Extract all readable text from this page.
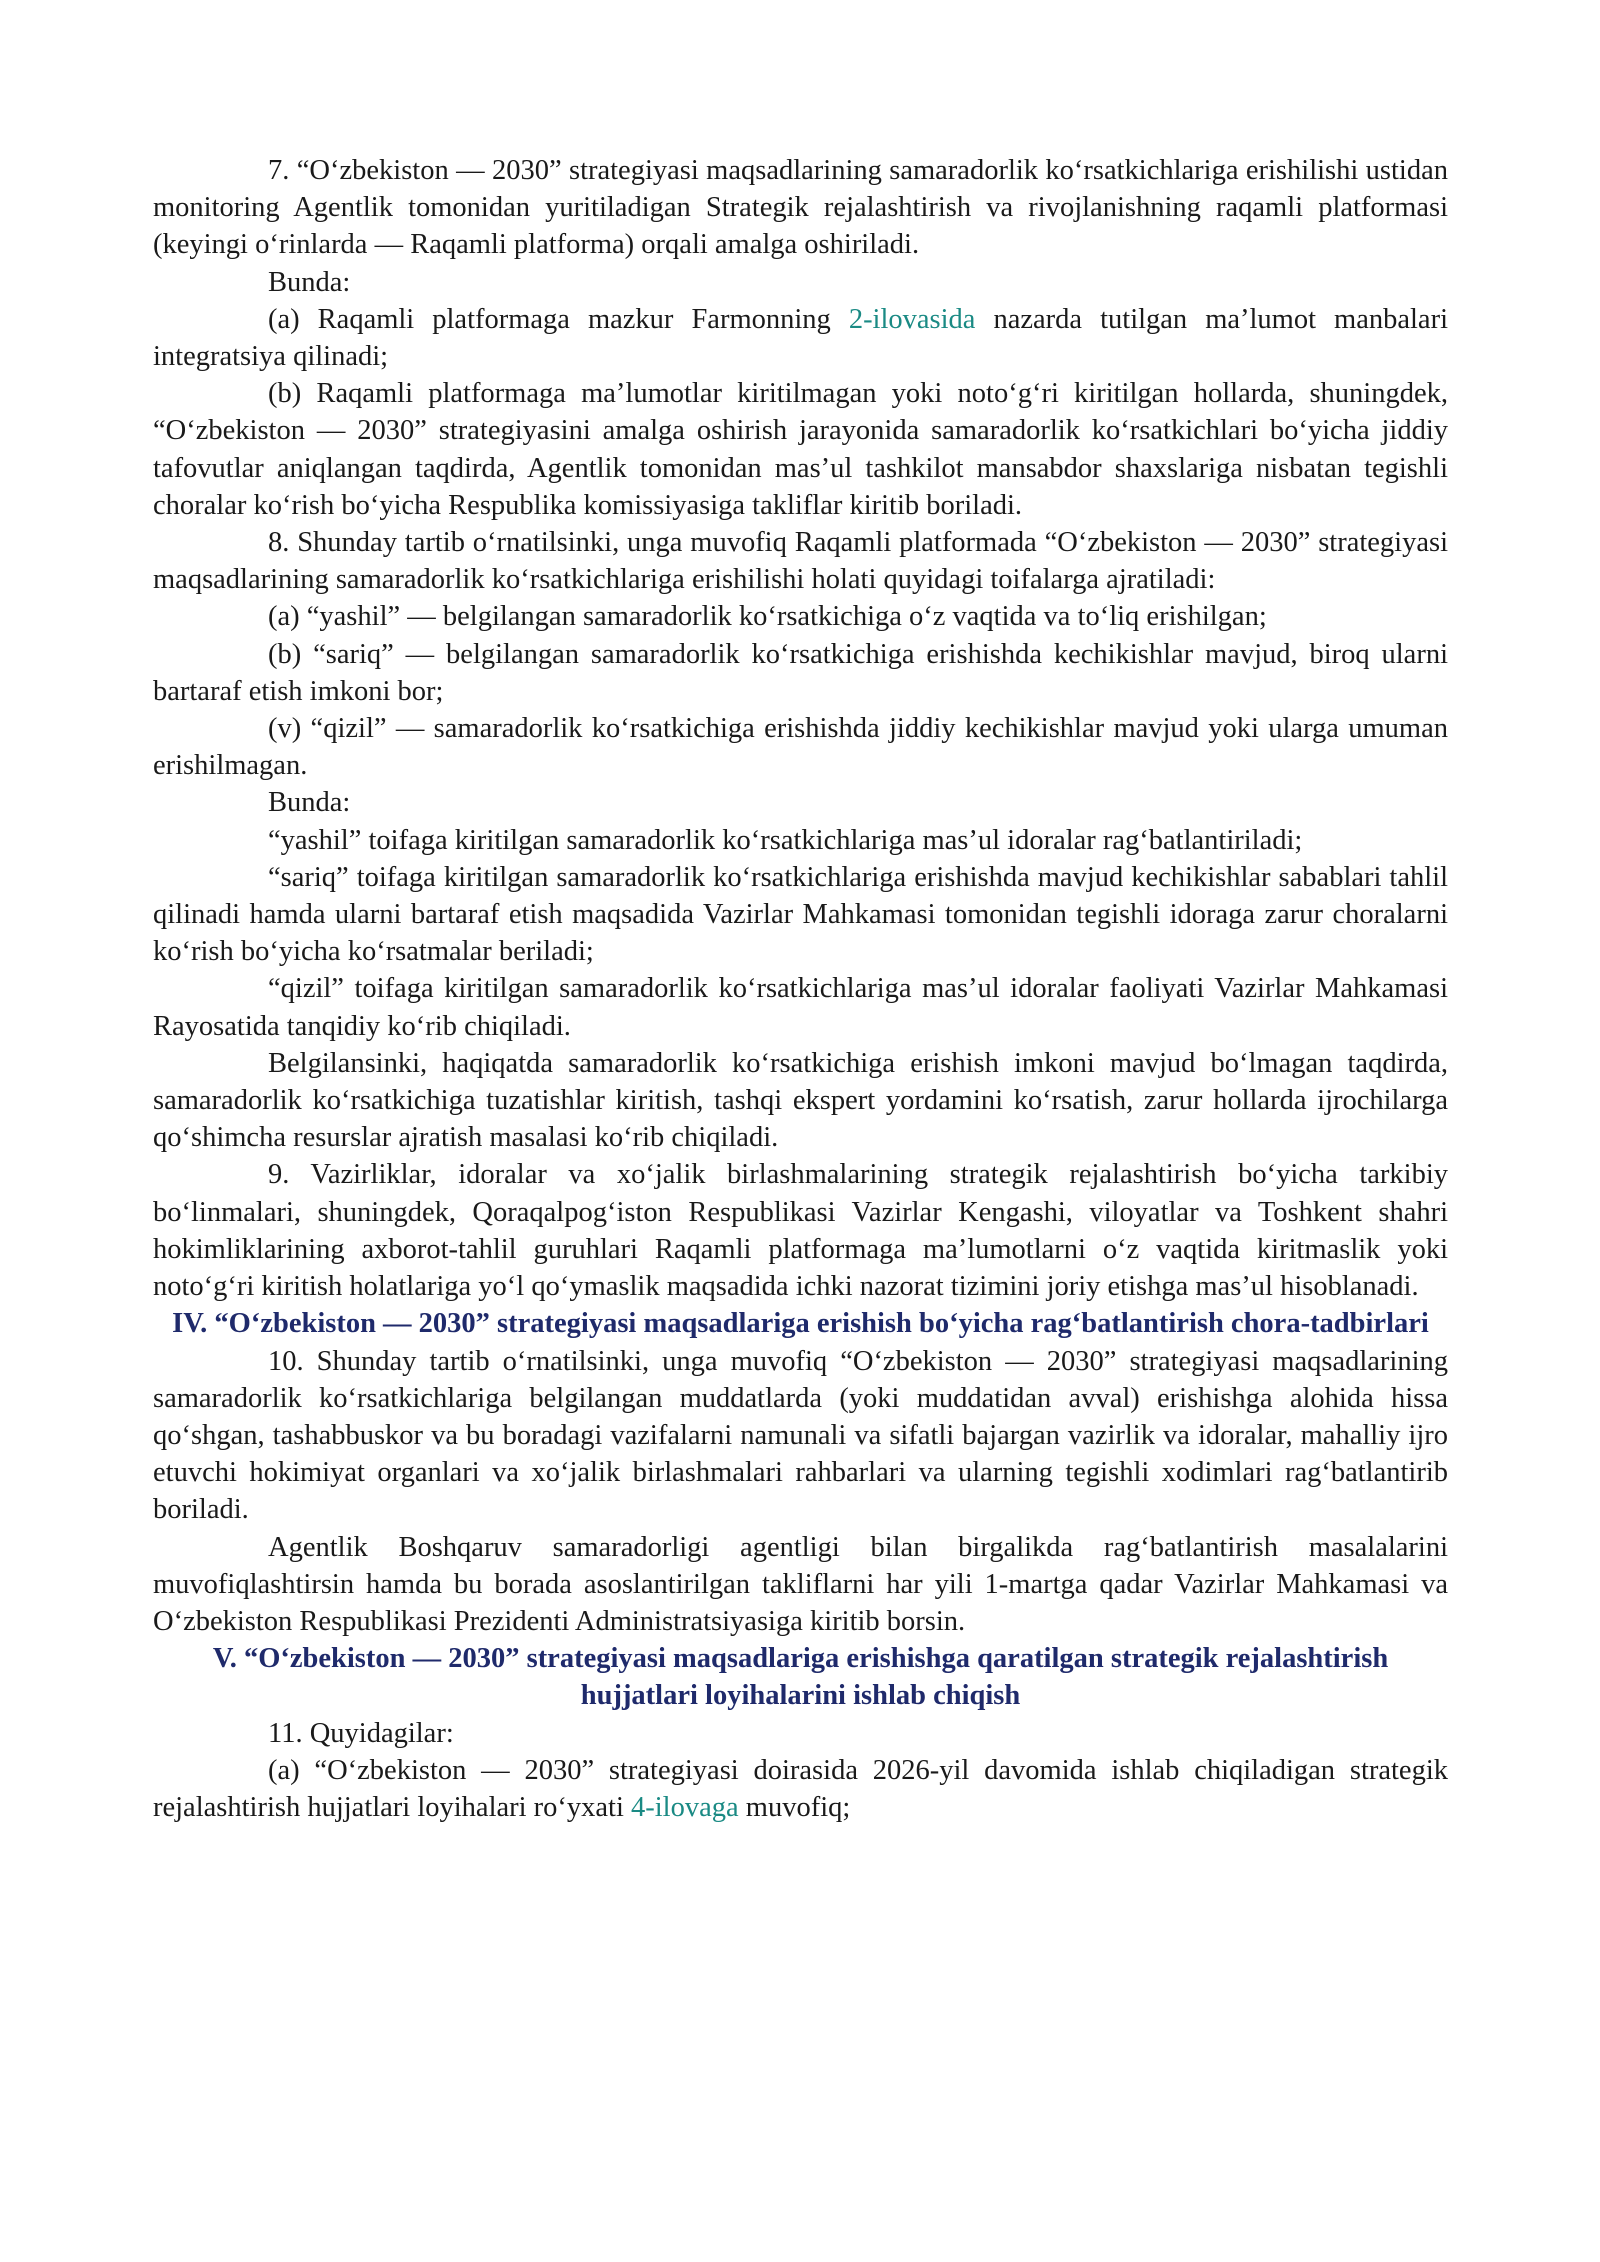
7. “O‘zbekiston — 2030” strategiyasi maqsadlarining samaradorlik ko‘rsatkichlariga erishilishi ustidan monitoring Agentlik tomonidan yuritiladigan Strategik rejalashtirish va rivojlanishning raqamli platformasi (keyingi o‘rinlarda — Raqamli platforma) orqali amalga oshiriladi.

Bunda:

(a) Raqamli platformaga mazkur Farmonning 2-ilovasida nazarda tutilgan ma’lumot manbalari integratsiya qilinadi;

(b) Raqamli platformaga ma’lumotlar kiritilmagan yoki noto‘g‘ri kiritilgan hollarda, shuningdek, “O‘zbekiston — 2030” strategiyasini amalga oshirish jarayonida samaradorlik ko‘rsatkichlari bo‘yicha jiddiy tafovutlar aniqlangan taqdirda, Agentlik tomonidan mas’ul tashkilot mansabdor shaxslariga nisbatan tegishli choralar ko‘rish bo‘yicha Respublika komissiyasiga takliflar kiritib boriladi.

8. Shunday tartib o‘rnatilsinki, unga muvofiq Raqamli platformada “O‘zbekiston — 2030” strategiyasi maqsadlarining samaradorlik ko‘rsatkichlariga erishilishi holati quyidagi toifalarga ajratiladi:

(a) “yashil” — belgilangan samaradorlik ko‘rsatkichiga o‘z vaqtida va to‘liq erishilgan;

(b) “sariq” — belgilangan samaradorlik ko‘rsatkichiga erishishda kechikishlar mavjud, biroq ularni bartaraf etish imkoni bor;

(v) “qizil” — samaradorlik ko‘rsatkichiga erishishda jiddiy kechikishlar mavjud yoki ularga umuman erishilmagan.

Bunda:

“yashil” toifaga kiritilgan samaradorlik ko‘rsatkichlariga mas’ul idoralar rag‘batlantiriladi;

“sariq” toifaga kiritilgan samaradorlik ko‘rsatkichlariga erishishda mavjud kechikishlar sabablari tahlil qilinadi hamda ularni bartaraf etish maqsadida Vazirlar Mahkamasi tomonidan tegishli idoraga zarur choralarni ko‘rish bo‘yicha ko‘rsatmalar beriladi;

“qizil” toifaga kiritilgan samaradorlik ko‘rsatkichlariga mas’ul idoralar faoliyati Vazirlar Mahkamasi Rayosatida tanqidiy ko‘rib chiqiladi.

Belgilansinki, haqiqatda samaradorlik ko‘rsatkichiga erishish imkoni mavjud bo‘lmagan taqdirda, samaradorlik ko‘rsatkichiga tuzatishlar kiritish, tashqi ekspert yordamini ko‘rsatish, zarur hollarda ijrochilarga qo‘shimcha resurslar ajratish masalasi ko‘rib chiqiladi.

9. Vazirliklar, idoralar va xo‘jalik birlashmalarining strategik rejalashtirish bo‘yicha tarkibiy bo‘linmalari, shuningdek, Qoraqalpog‘iston Respublikasi Vazirlar Kengashi, viloyatlar va Toshkent shahri hokimliklarining axborot-tahlil guruhlari Raqamli platformaga ma’lumotlarni o‘z vaqtida kiritmaslik yoki noto‘g‘ri kiritish holatlariga yo‘l qo‘ymaslik maqsadida ichki nazorat tizimini joriy etishga mas’ul hisoblanadi.

IV. “O‘zbekiston — 2030” strategiyasi maqsadlariga erishish bo‘yicha rag‘batlantirish chora-tadbirlari

10. Shunday tartib o‘rnatilsinki, unga muvofiq “O‘zbekiston — 2030” strategiyasi maqsadlarining samaradorlik ko‘rsatkichlariga belgilangan muddatlarda (yoki muddatidan avval) erishishga alohida hissa qo‘shgan, tashabbuskor va bu boradagi vazifalarni namunali va sifatli bajargan vazirlik va idoralar, mahalliy ijro etuvchi hokimiyat organlari va xo‘jalik birlashmalari rahbarlari va ularning tegishli xodimlari rag‘batlantirib boriladi.

Agentlik Boshqaruv samaradorligi agentligi bilan birgalikda rag‘batlantirish masalalarini muvofiqlashtirsin hamda bu borada asoslantirilgan takliflarni har yili 1-martga qadar Vazirlar Mahkamasi va O‘zbekiston Respublikasi Prezidenti Administratsiyasiga kiritib borsin.

V. “O‘zbekiston — 2030” strategiyasi maqsadlariga erishishga qaratilgan strategik rejalashtirish hujjatlari loyihalarini ishlab chiqish

11. Quyidagilar:

(a) “O‘zbekiston — 2030” strategiyasi doirasida 2026-yil davomida ishlab chiqiladigan strategik rejalashtirish hujjatlari loyihalari ro‘yxati 4-ilovaga muvofiq;
